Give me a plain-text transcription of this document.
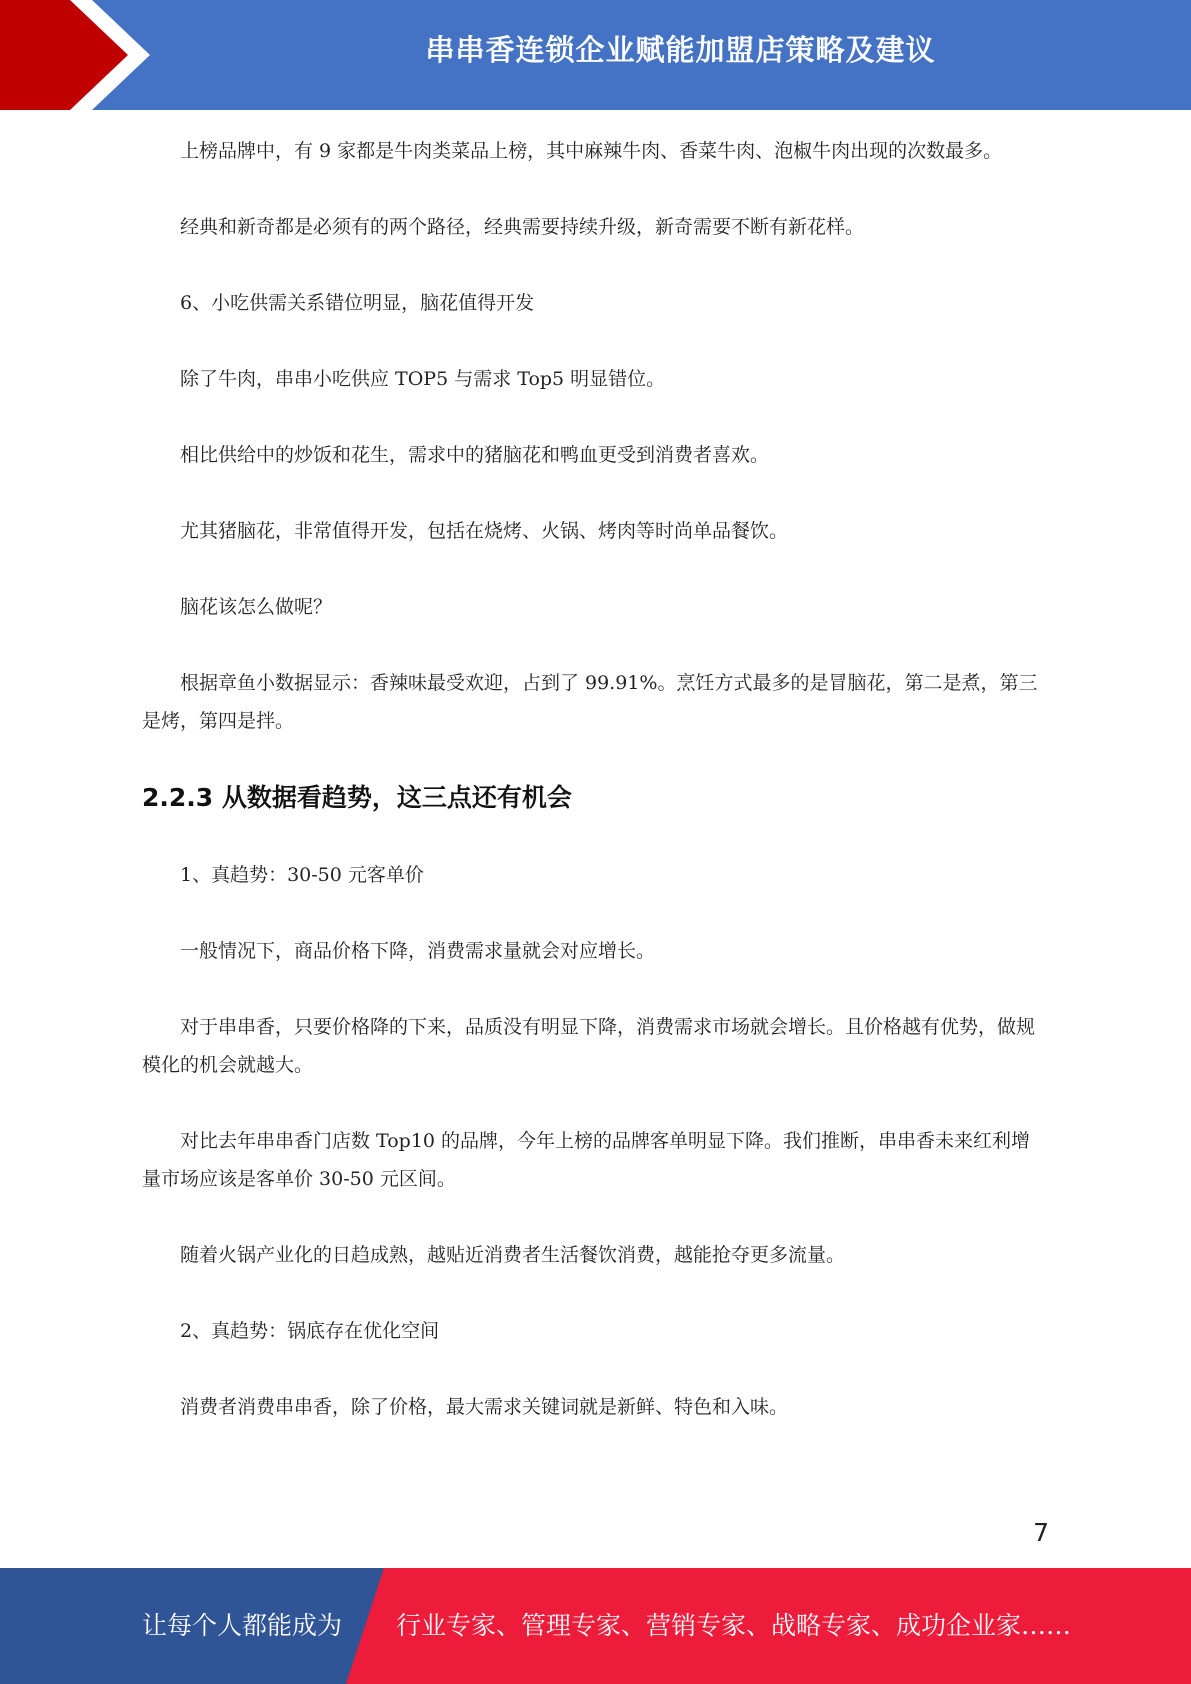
串串香连锁企业赋能加盟店策略及建议

上榜品牌中，有 9 家都是牛肉类菜品上榜，其中麻辣牛肉、香菜牛肉、泡椒牛肉出现的次数最多。

经典和新奇都是必须有的两个路径，经典需要持续升级，新奇需要不断有新花样。

6、小吃供需关系错位明显，脑花值得开发

除了牛肉，串串小吃供应 TOP5 与需求 Top5 明显错位。

相比供给中的炒饭和花生，需求中的猪脑花和鸭血更受到消费者喜欢。

尤其猪脑花，非常值得开发，包括在烧烤、火锅、烤肉等时尚单品餐饮。

脑花该怎么做呢？

根据章鱼小数据显示：香辣味最受欢迎，占到了 99.91%。烹饪方式最多的是冒脑花，第二是煮，第三是烤，第四是拌。

2.2.3 从数据看趋势，这三点还有机会

1、真趋势：30-50 元客单价

一般情况下，商品价格下降，消费需求量就会对应增长。

对于串串香，只要价格降的下来，品质没有明显下降，消费需求市场就会增长。且价格越有优势，做规模化的机会就越大。

对比去年串串香门店数 Top10 的品牌，今年上榜的品牌客单明显下降。我们推断，串串香未来红利增量市场应该是客单价 30-50 元区间。

随着火锅产业化的日趋成熟，越贴近消费者生活餐饮消费，越能抢夺更多流量。

2、真趋势：锅底存在优化空间

消费者消费串串香，除了价格，最大需求关键词就是新鲜、特色和入味。

7
让每个人都能成为 行业专家、管理专家、营销专家、战略专家、成功企业家……
